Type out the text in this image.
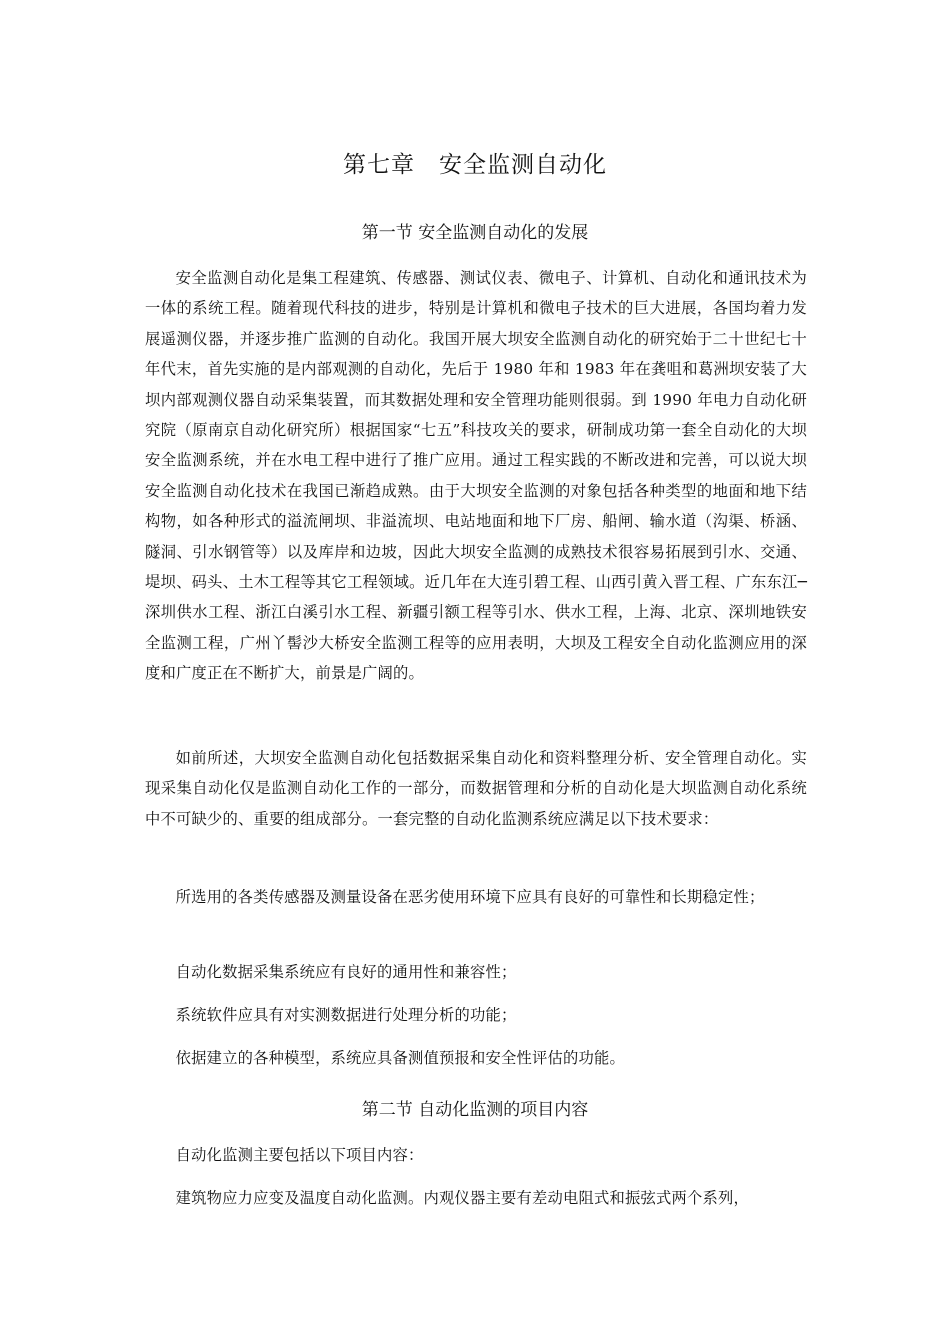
第七章　安全监测自动化
第一节 安全监测自动化的发展

安全监测自动化是集工程建筑、传感器、测试仪表、微电子、计算机、自动化和通讯技术为一体的系统工程。随着现代科技的进步，特别是计算机和微电子技术的巨大进展，各国均着力发展遥测仪器，并逐步推广监测的自动化。我国开展大坝安全监测自动化的研究始于二十世纪七十年代末，首先实施的是内部观测的自动化，先后于 1980 年和 1983 年在龚咀和葛洲坝安装了大坝内部观测仪器自动采集装置，而其数据处理和安全管理功能则很弱。到 1990 年电力自动化研究院（原南京自动化研究所）根据国家“七五”科技攻关的要求，研制成功第一套全自动化的大坝安全监测系统，并在水电工程中进行了推广应用。通过工程实践的不断改进和完善，可以说大坝安全监测自动化技术在我国已渐趋成熟。由于大坝安全监测的对象包括各种类型的地面和地下结构物，如各种形式的溢流闸坝、非溢流坝、电站地面和地下厂房、船闸、输水道（沟渠、桥涵、隧洞、引水钢管等）以及库岸和边坡，因此大坝安全监测的成熟技术很容易拓展到引水、交通、堤坝、码头、土木工程等其它工程领域。近几年在大连引碧工程、山西引黄入晋工程、广东东江─深圳供水工程、浙江白溪引水工程、新疆引额工程等引水、供水工程，上海、北京、深圳地铁安全监测工程，广州丫髻沙大桥安全监测工程等的应用表明，大坝及工程安全自动化监测应用的深度和广度正在不断扩大，前景是广阔的。

如前所述，大坝安全监测自动化包括数据采集自动化和资料整理分析、安全管理自动化。实现采集自动化仅是监测自动化工作的一部分，而数据管理和分析的自动化是大坝监测自动化系统中不可缺少的、重要的组成部分。一套完整的自动化监测系统应满足以下技术要求：

所选用的各类传感器及测量设备在恶劣使用环境下应具有良好的可靠性和长期稳定性；

自动化数据采集系统应有良好的通用性和兼容性；

系统软件应具有对实测数据进行处理分析的功能；

依据建立的各种模型，系统应具备测值预报和安全性评估的功能。

第二节 自动化监测的项目内容

自动化监测主要包括以下项目内容：

建筑物应力应变及温度自动化监测。内观仪器主要有差动电阻式和振弦式两个系列，
